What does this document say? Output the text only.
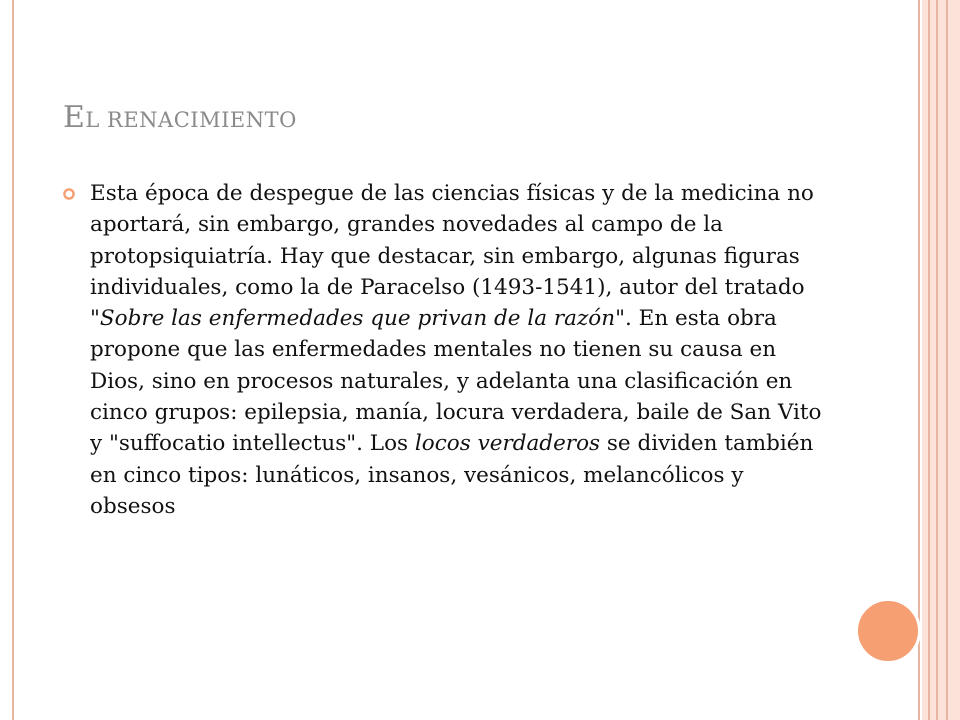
EL RENACIMIENTO
Esta época de despegue de las ciencias físicas y de la medicina no aportará, sin embargo, grandes novedades al campo de la protopsiquiatría. Hay que destacar, sin embargo, algunas figuras individuales, como la de Paracelso (1493-1541), autor del tratado "Sobre las enfermedades que privan de la razón". En esta obra propone que las enfermedades mentales no tienen su causa en Dios, sino en procesos naturales, y adelanta una clasificación en cinco grupos: epilepsia, manía, locura verdadera, baile de San Vito y "suffocatio intellectus". Los locos verdaderos se dividen también en cinco tipos: lunáticos, insanos, vesánicos, melancólicos y obsesos
